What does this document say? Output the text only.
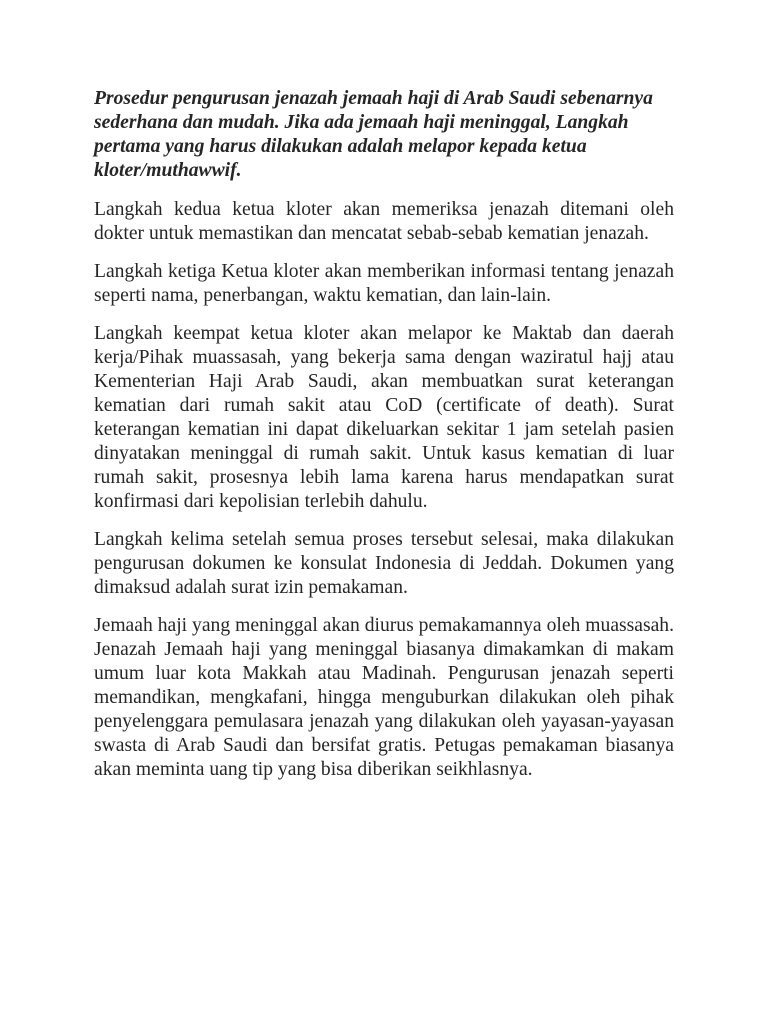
Prosedur pengurusan jenazah jemaah haji di Arab Saudi sebenarnya sederhana dan mudah. Jika ada jemaah haji meninggal, Langkah pertama yang harus dilakukan adalah melapor kepada ketua kloter/muthawwif.

Langkah kedua ketua kloter akan memeriksa jenazah ditemani oleh dokter untuk memastikan dan mencatat sebab-sebab kematian jenazah.

Langkah ketiga Ketua kloter akan memberikan informasi tentang jenazah seperti nama, penerbangan, waktu kematian, dan lain-lain.

Langkah keempat ketua kloter akan melapor ke Maktab dan daerah kerja/Pihak muassasah, yang bekerja sama dengan waziratul hajj atau Kementerian Haji Arab Saudi, akan membuatkan surat keterangan kematian dari rumah sakit atau CoD (certificate of death). Surat keterangan kematian ini dapat dikeluarkan sekitar 1 jam setelah pasien dinyatakan meninggal di rumah sakit. Untuk kasus kematian di luar rumah sakit, prosesnya lebih lama karena harus mendapatkan surat konfirmasi dari kepolisian terlebih dahulu.

Langkah kelima setelah semua proses tersebut selesai, maka dilakukan pengurusan dokumen ke konsulat Indonesia di Jeddah. Dokumen yang dimaksud adalah surat izin pemakaman.

Jemaah haji yang meninggal akan diurus pemakamannya oleh muassasah. Jenazah Jemaah haji yang meninggal biasanya dimakamkan di makam umum luar kota Makkah atau Madinah. Pengurusan jenazah seperti memandikan, mengkafani, hingga menguburkan dilakukan oleh pihak penyelenggara pemulasara jenazah yang dilakukan oleh yayasan-yayasan swasta di Arab Saudi dan bersifat gratis. Petugas pemakaman biasanya akan meminta uang tip yang bisa diberikan seikhlasnya.
